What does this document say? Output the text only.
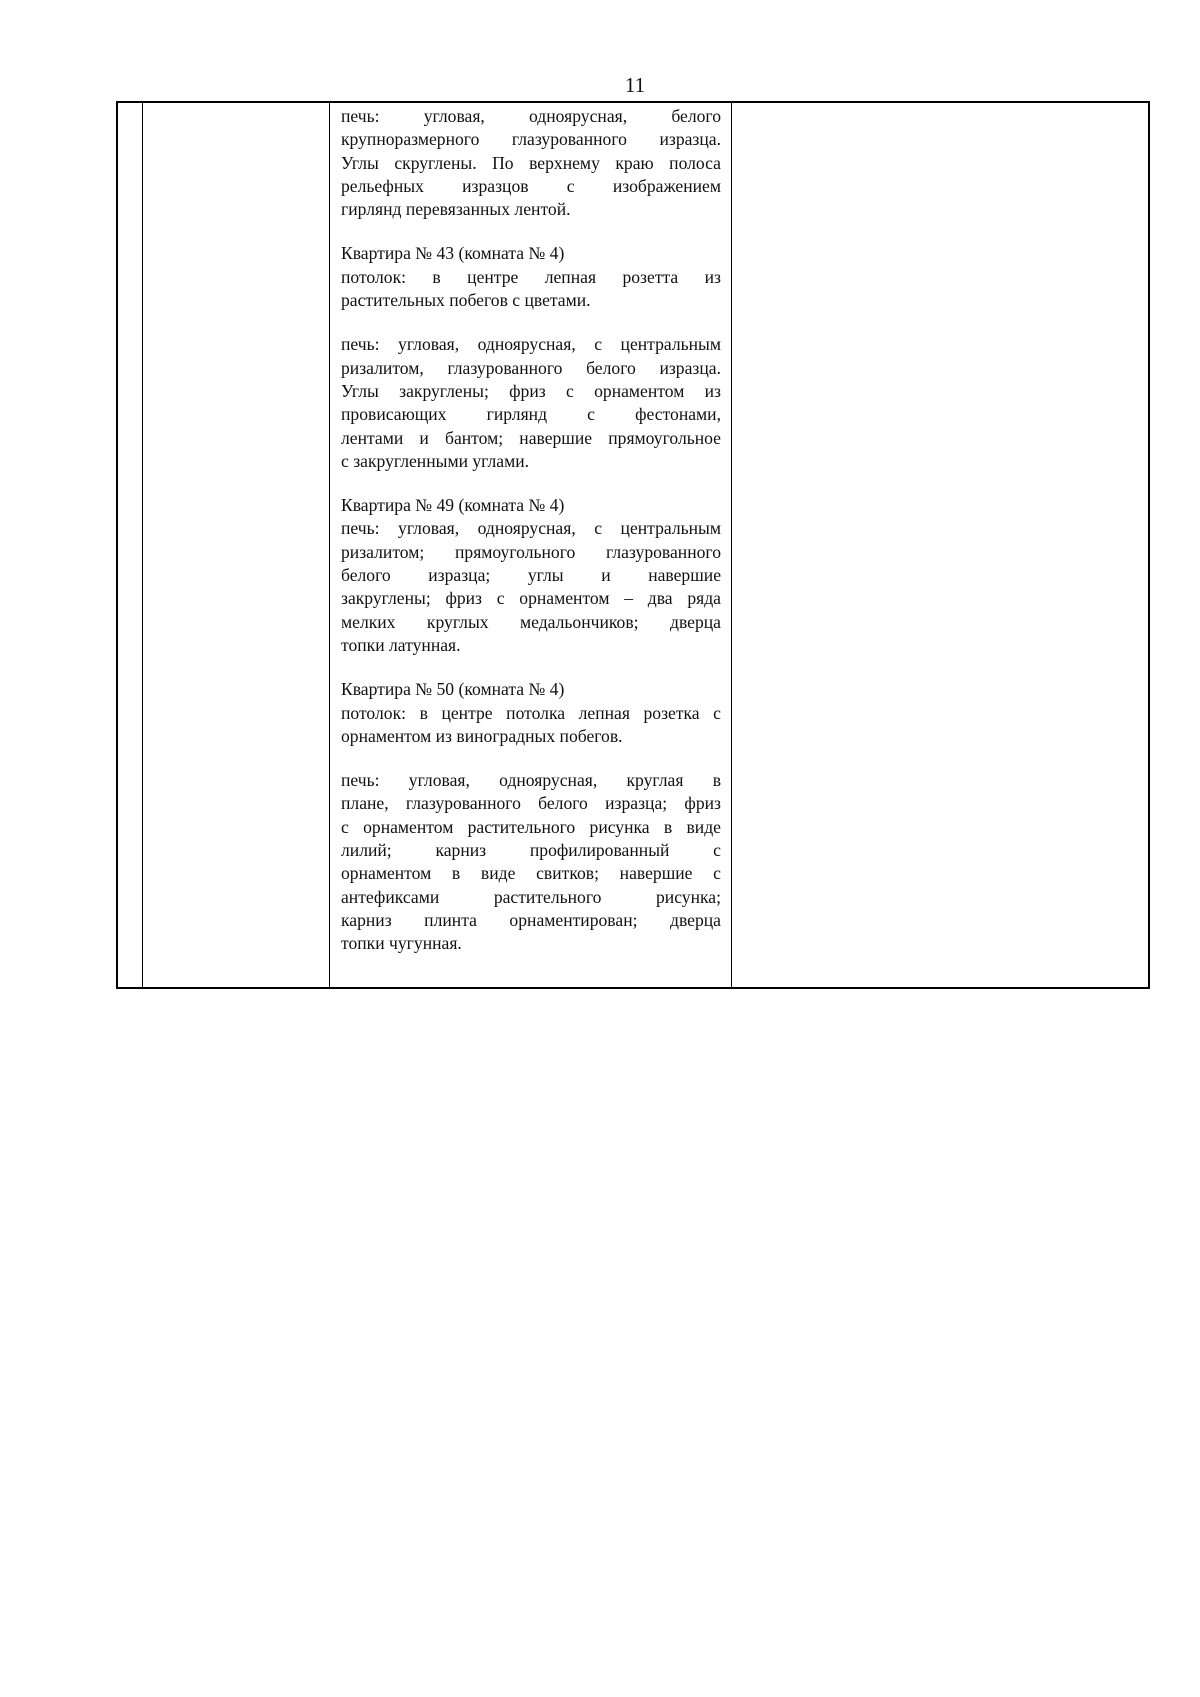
11

печь: угловая, одноярусная, белого
крупноразмерного глазурованного изразца.
Углы скруглены. По верхнему краю полоса
рельефных изразцов с изображением
гирлянд перевязанных лентой.

Квартира № 43 (комната № 4)
потолок: в центре лепная розетта из
растительных побегов с цветами.

печь: угловая, одноярусная, с центральным
ризалитом, глазурованного белого изразца.
Углы закруглены; фриз с орнаментом из
провисающих гирлянд с фестонами,
лентами и бантом; навершие прямоугольное
с закругленными углами.

Квартира № 49 (комната № 4)
печь: угловая, одноярусная, с центральным
ризалитом; прямоугольного глазурованного
белого изразца; углы и навершие
закруглены; фриз с орнаментом – два ряда
мелких круглых медальончиков; дверца
топки латунная.

Квартира № 50 (комната № 4)
потолок: в центре потолка лепная розетка с
орнаментом из виноградных побегов.

печь: угловая, одноярусная, круглая в
плане, глазурованного белого изразца; фриз
с орнаментом растительного рисунка в виде
лилий; карниз профилированный с
орнаментом в виде свитков; навершие с
антефиксами растительного рисунка;
карниз плинта орнаментирован; дверца
топки чугунная.
